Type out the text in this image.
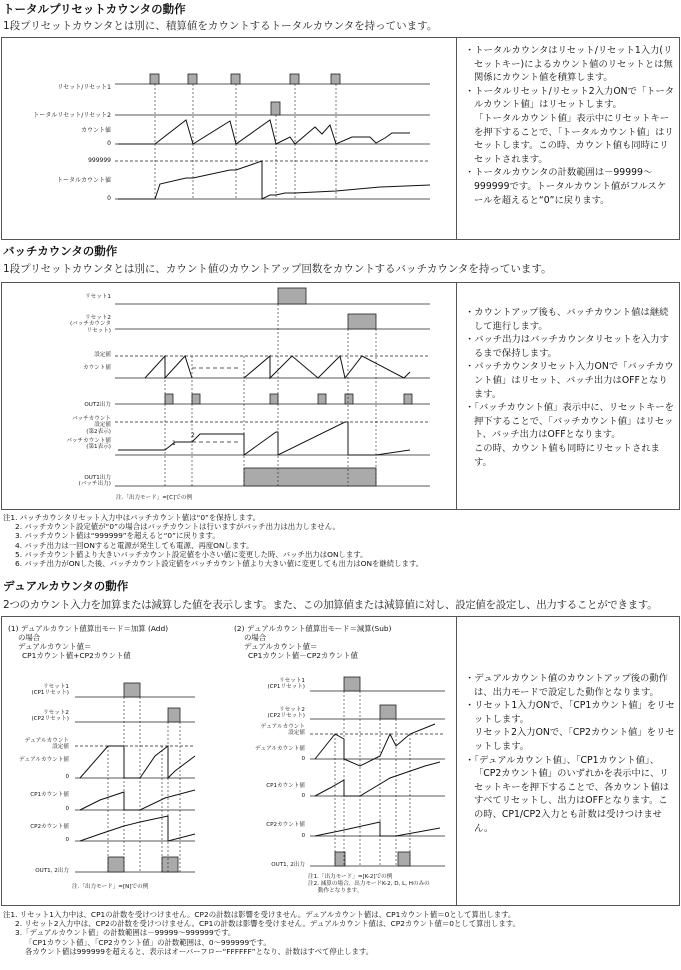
トータルプリセットカウンタの動作
1段プリセットカウンタとは別に、積算値をカウントするトータルカウンタを持っています。
リセット/リセット1
トータルリセット/リセット2
カウント値
0
999999
トータルカウント値
0
・トータルカウンタはリセット/リセット1入力(リセットキー)によるカウント値のリセットとは無関係にカウント値を積算します。
・トータルリセット/リセット2入力ONで「トータルカウント値」はリセットします。
「トータルカウント値」表示中にリセットキーを押下することで、「トータルカウント値」はリセットします。この時、カウント値も同時にリセットされます。
・トータルカウンタの計数範囲は－99999～999999です。トータルカウント値がフルスケールを超えると“0”に戻ります。
バッチカウンタの動作
1段プリセットカウンタとは別に、カウント値のカウントアップ回数をカウントするバッチカウンタを持っています。
リセット1
リセット2
(バッチカウンタ
リセット)
設定値
カウント値
OUT2出力
バッチカウント
設定値
(第2表示)
バッチカウント値
(第1表示)
OUT1出力
(バッチ出力)
1
2
注.「出力モード」=[C]での例
・カウントアップ後も、バッチカウント値は継続して進行します。
・バッチ出力はバッチカウンタリセットを入力するまで保持します。
・バッチカウンタリセット入力ONで「バッチカウント値」はリセット、バッチ出力はOFFとなります。
・「バッチカウント値」表示中に、リセットキーを押下することで、「バッチカウント値」はリセット、バッチ出力はOFFとなります。
この時、カウント値も同時にリセットされます。
注1. バッチカウンタリセット入力中はバッチカウント値は“0”を保持します。
2. バッチカウント設定値が“0”の場合はバッチカウントは行いますがバッチ出力は出力しません。
3. バッチカウント値は“999999”を超えると“0”に戻ります。
4. バッチ出力は一回ONすると電源が発生しても電源、再度ONします。
5. バッチカウント値より大きいバッチカウント設定値を小さい値に変更した時、バッチ出力はONします。
6. バッチ出力がONした後、バッチカウント設定値をバッチカウント値より大きい値に変更しても出力はONを継続します。
デュアルカウンタの動作
2つのカウント入力を加算または減算した値を表示します。また、この加算値または減算値に対し、設定値を設定し、出力することができます。
(1) デュアルカウント値算出モード＝加算 (Add)
の場合
デュアルカウント値＝
CP1カウント値+CP2カウント値
(2) デュアルカウント値算出モード＝減算(Sub)
の場合
デュアルカウント値＝
CP1カウント値－CP2カウント値
リセット1
(CP1リセット)
リセット2
(CP2リセット)
デュアルカウント
設定値
デュアルカウント値
0
CP1カウント値
0
CP2カウント値
0
OUT1, 2出力
注.「出力モード」=[N]での例
リセット1
(CP1リセット)
リセット2
(CP2リセット)
デュアルカウント
設定値
デュアルカウント値
0
CP1カウント値
0
CP2カウント値
0
OUT1, 2出力
注1.「出力モード」=[K-2]での例
注2. 減算の場合、出力モードK-2, D, L, Hのみの
動作となります。
・デュアルカウント値のカウントアップ後の動作は、出力モードで設定した動作となります。
・リセット1入力ONで、「CP1カウント値」をリセットします。
リセット2入力ONで、「CP2カウント値」をリセットします。
・「デュアルカウント値」、「CP1カウント値」、「CP2カウント値」のいずれかを表示中に、リセットキーを押下することで、各カウント値はすべてリセットし、出力はOFFとなります。この時、CP1/CP2入力とも計数は受けつけません。
注1. リセット1入力中は、CP1の計数を受けつけません。CP2の計数は影響を受けません。デュアルカウント値は、CP1カウント値＝0として算出します。
2. リセット2入力中は、CP2の計数を受けつけません。CP1の計数は影響を受けません。デュアルカウント値は、CP2カウント値＝0として算出します。
3.「デュアルカウント値」の計数範囲は－99999～999999です。
「CP1カウント値」、「CP2カウント値」の計数範囲は、0～999999です。
各カウント値は999999を超えると、表示はオーバーフロー“FFFFFF”となり、計数はすべて停止します。
